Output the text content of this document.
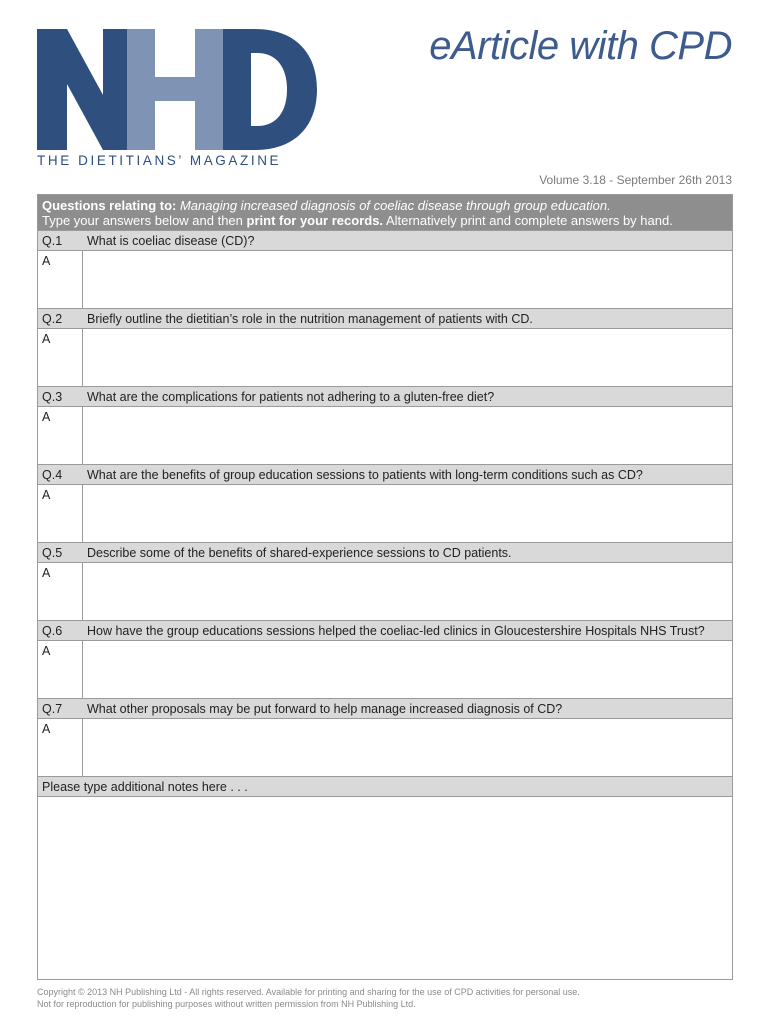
THE DIETITIANS’ MAGAZINE
eArticle with CPD
Volume 3.18 - September 26th 2013
Questions relating to: Managing increased diagnosis of coeliac disease through group education.
Type your answers below and then print for your records. Alternatively print and complete answers by hand.
Q.1	What is coeliac disease (CD)?
A
Q.2	Briefly outline the dietitian’s role in the nutrition management of patients with CD.
A
Q.3	What are the complications for patients not adhering to a gluten-free diet?
A
Q.4	What are the benefits of group education sessions to patients with long-term conditions such as CD?
A
Q.5	Describe some of the benefits of shared-experience sessions to CD patients.
A
Q.6	How have the group educations sessions helped the coeliac-led clinics in Gloucestershire Hospitals NHS Trust?
A
Q.7	What other proposals may be put forward to help manage increased diagnosis of CD?
A
Please type additional notes here . . .
Copyright © 2013 NH Publishing Ltd - All rights reserved. Available for printing and sharing for the use of CPD activities for personal use.
Not for reproduction for publishing purposes without written permission from NH Publishing Ltd.
